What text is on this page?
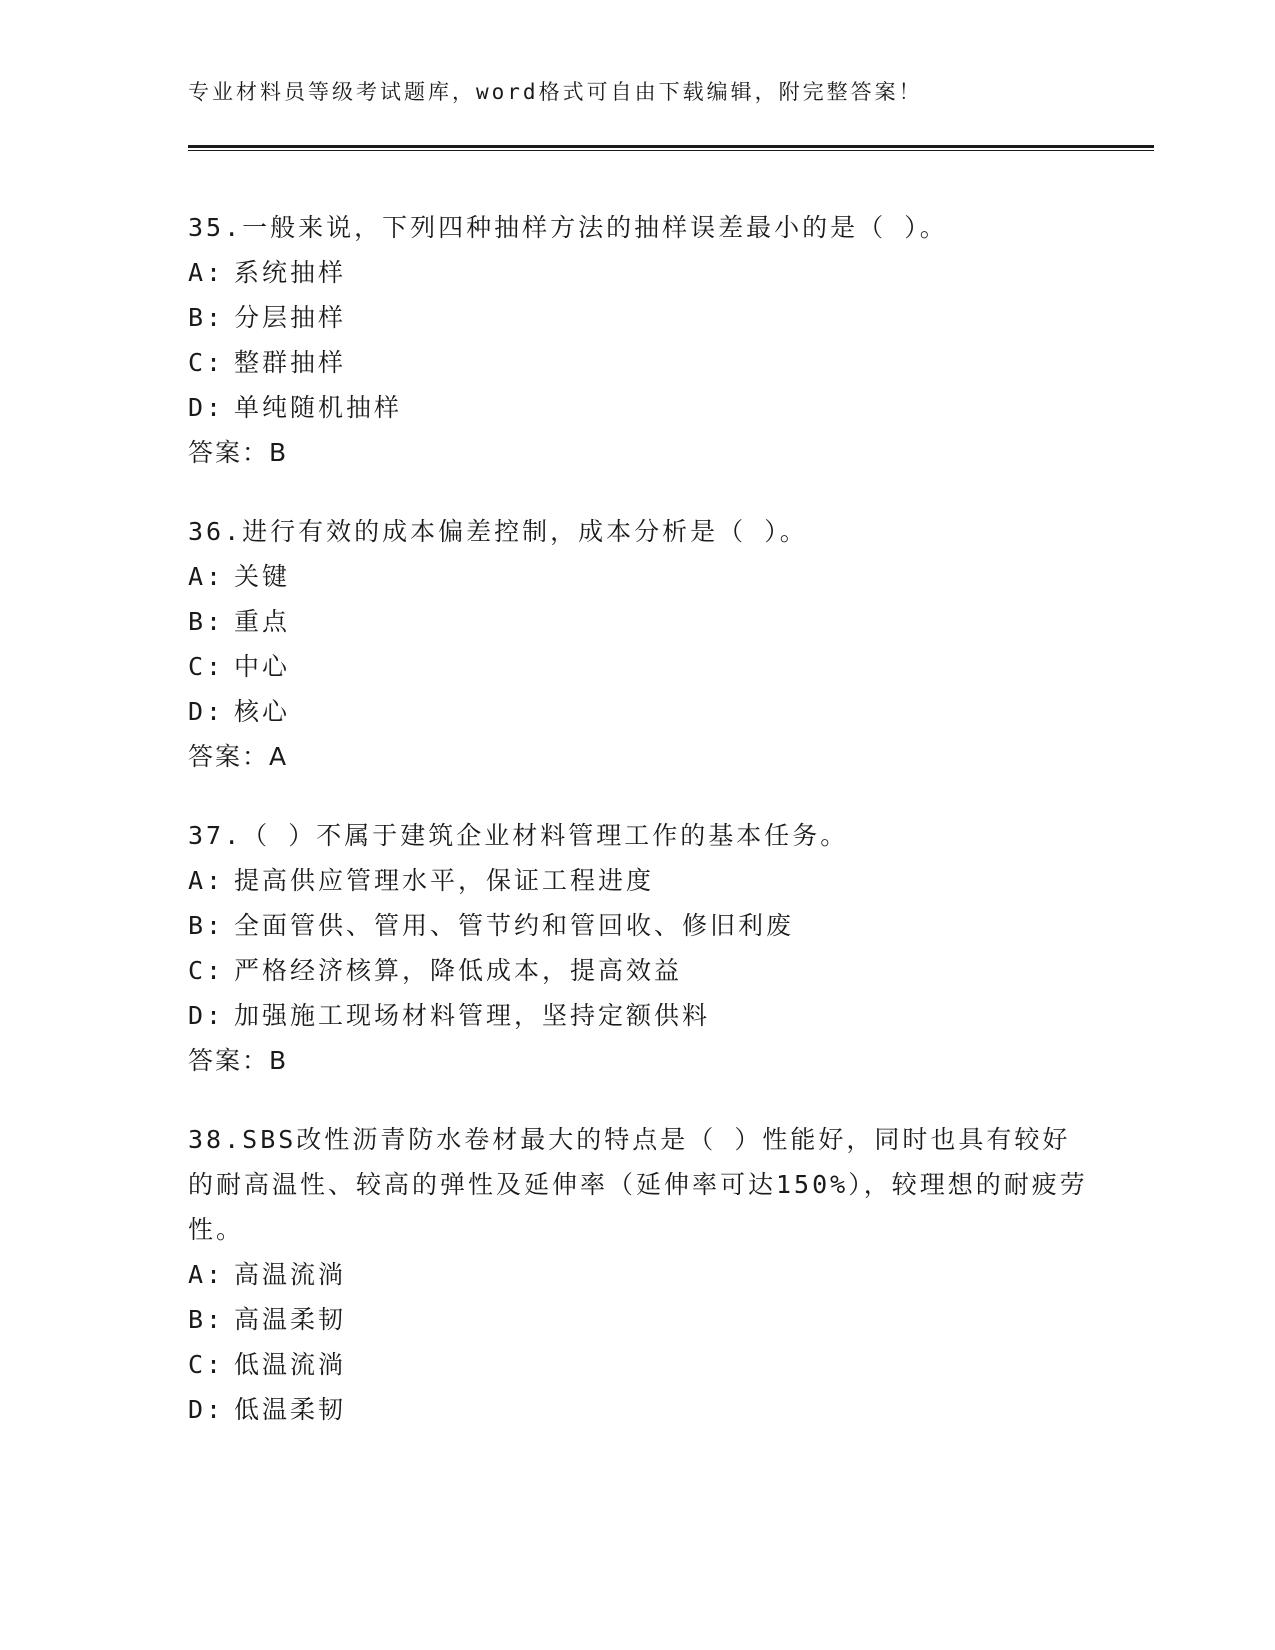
专业材料员等级考试题库，word格式可自由下载编辑，附完整答案！

35.一般来说，下列四种抽样方法的抽样误差最小的是（ ）。

A: 系统抽样

B: 分层抽样

C: 整群抽样

D: 单纯随机抽样

答案：B

36.进行有效的成本偏差控制，成本分析是（ ）。

A: 关键

B: 重点

C: 中心

D: 核心

答案：A

37.（ ）不属于建筑企业材料管理工作的基本任务。

A: 提高供应管理水平，保证工程进度

B: 全面管供、管用、管节约和管回收、修旧利废

C: 严格经济核算，降低成本，提高效益

D: 加强施工现场材料管理，坚持定额供料

答案：B

38.SBS改性沥青防水卷材最大的特点是（ ）性能好，同时也具有较好的耐高温性、较高的弹性及延伸率（延伸率可达150%），较理想的耐疲劳性。

A: 高温流淌

B: 高温柔韧

C: 低温流淌

D: 低温柔韧
